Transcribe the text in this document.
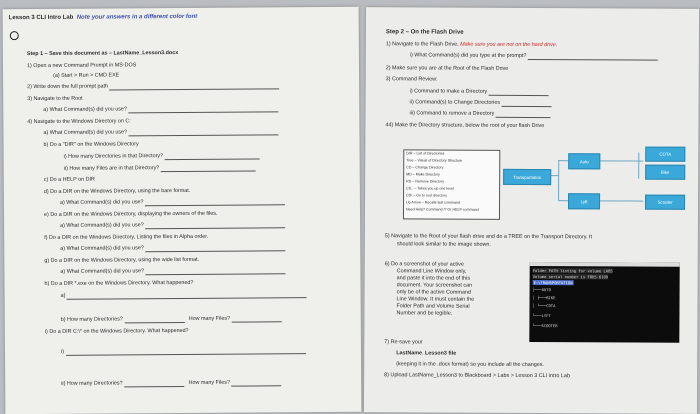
Lesson 3 CLI Intro Lab Note your answers in a different color font
Step 1 – Save this document as – LastName_Lesson3.docx
1) Open a new Command Prompt in MS-DOS
(a) Start > Run > CMD EXE
2) Write down the full prompt path
3) Navigate to the Root
a) What Command(s) did you use?
4) Navigate to the Windows Directory on C:
a) What Command(s) did you use?
b) Do a "DIR" on the Windows Directory
i) How many Directories in that Directory?
ii) How many Files are in that Directory?
c) Do a HELP on DIR
d) Do a DIR on the Windows Directory, using the bare format.
a) What Command(s) did you use?
e) Do a DIR on the Windows Directory, displaying the owners of the files.
a) What Command(s) did you use?
f) Do a DIR on the Windows Directory, Listing the files in Alpha order.
a) What Command(s) did you use?
g) Do a DIR on the Windows Directory, using the wide list format.
a) What Command(s) did you use?
h) Do a DIR *.exe on the Windows Directory. What happened?
a)
b) How many Directories?	How many Files?
i) Do a DIR C:\* on the Windows Directory. What happened?
i)
ii) How many Directories?	How many Files?
Step 2 – On the Flash Drive
1) Navigate to the Flash Drive. Make sure you are not on the hard drive.
i) What Command(s) did you type at the prompt?
2) Make sure you are at the Root of the Flash Drive
3) Command Review:
i) Command to make a Directory
ii) Command(s) to Change Directories
iii) Command to remove a Directory
44) Make the Directory structure, below the root of your flash Drive
DIR – List of Directories
Tree – Visual of Directory Structure
CD – Change Directory
MD – Make Directory
RD – Remove Directory
CD.. – Takes you up one level
CD\ – Go to root directory
Up Arrow – Recalls last command
Need Help? Command /? Or HELP command
Transportation
Auto
Lyft
COTA
Bike
Scooter
5) Navigate to the Root of your flash drive and do a TREE on the Transport Directory. It
should look similar to the image shown.
6) Do a screenshot of your active
Command Line Window only,
and paste it into the end of this
document. Your screenshot can
only be of the active Command
Line Window. It must contain the
Folder Path and Volume Serial
Number and be legible.
Folder PATH listing for volume LABS
Volume serial number is F8D5-6109
E:\TRANSPORTATION
├───AUTO
│ ├───BIKE
│ └───COTA
└───LYFT
└───SCOOTER
7) Re-save your
LastName_Lesson3 file
(keeping it in the .docx format) so you include all the changes.
8) Upload LastName_Lesson3 to Blackboard > Labs > Lesson 3 CLI Intro Lab
